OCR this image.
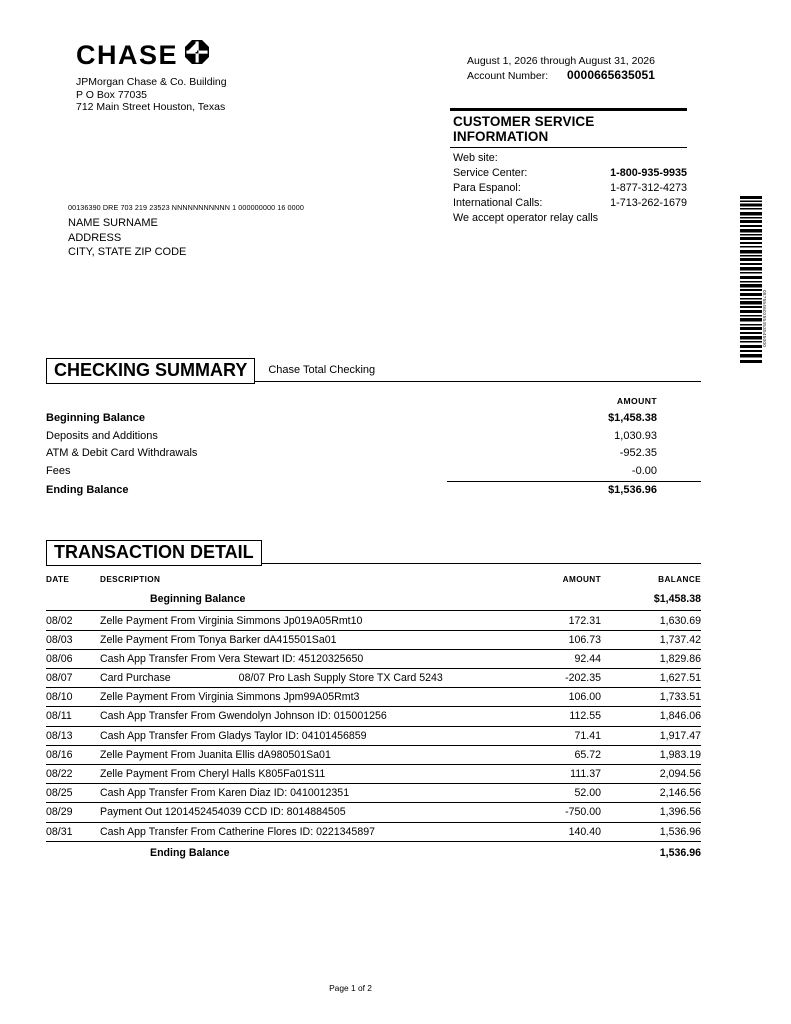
CHASE
JPMorgan Chase & Co. Building
P O Box 77035
712 Main Street Houston, Texas
August 1, 2026 through August 31, 2026
Account Number:	0000665635051
CUSTOMER SERVICE INFORMATION
Web site:
Service Center:	1-800-935-9935
Para Espanol:	1-877-312-4273
International Calls:	1-713-262-1679
We accept operator relay calls
00136390 DRE 703 219 23523 NNNNNNNNNNN 1 000000000 16 0000
NAME SURNAME
ADDRESS
CITY, STATE ZIP CODE
08755460255453545000
CHECKING SUMMARY	Chase Total Checking
AMOUNT
Beginning Balance	$1,458.38
Deposits and Additions	1,030.93
ATM & Debit Card Withdrawals	-952.35
Fees	-0.00
Ending Balance	$1,536.96
TRANSACTION DETAIL
DATE	DESCRIPTION	AMOUNT	BALANCE
	Beginning Balance		$1,458.38
08/02	Zelle Payment From Virginia Simmons Jp019A05Rmt10	172.31	1,630.69
08/03	Zelle Payment From Tonya Barker dA415501Sa01	106.73	1,737.42
08/06	Cash App Transfer From Vera Stewart ID: 45120325650	92.44	1,829.86
08/07	Card Purchase 08/07 Pro Lash Supply Store TX Card 5243	-202.35	1,627.51
08/10	Zelle Payment From Virginia Simmons Jpm99A05Rmt3	106.00	1,733.51
08/11	Cash App Transfer From Gwendolyn Johnson ID: 015001256	112.55	1,846.06
08/13	Cash App Transfer From Gladys Taylor ID: 04101456859	71.41	1,917.47
08/16	Zelle Payment From Juanita Ellis dA980501Sa01	65.72	1,983.19
08/22	Zelle Payment From Cheryl Halls K805Fa01S11	111.37	2,094.56
08/25	Cash App Transfer From Karen Diaz ID: 0410012351	52.00	2,146.56
08/29	Payment Out 1201452454039 CCD ID: 8014884505	-750.00	1,396.56
08/31	Cash App Transfer From Catherine Flores ID: 0221345897	140.40	1,536.96
	Ending Balance		1,536.96
Page 1 of 2
